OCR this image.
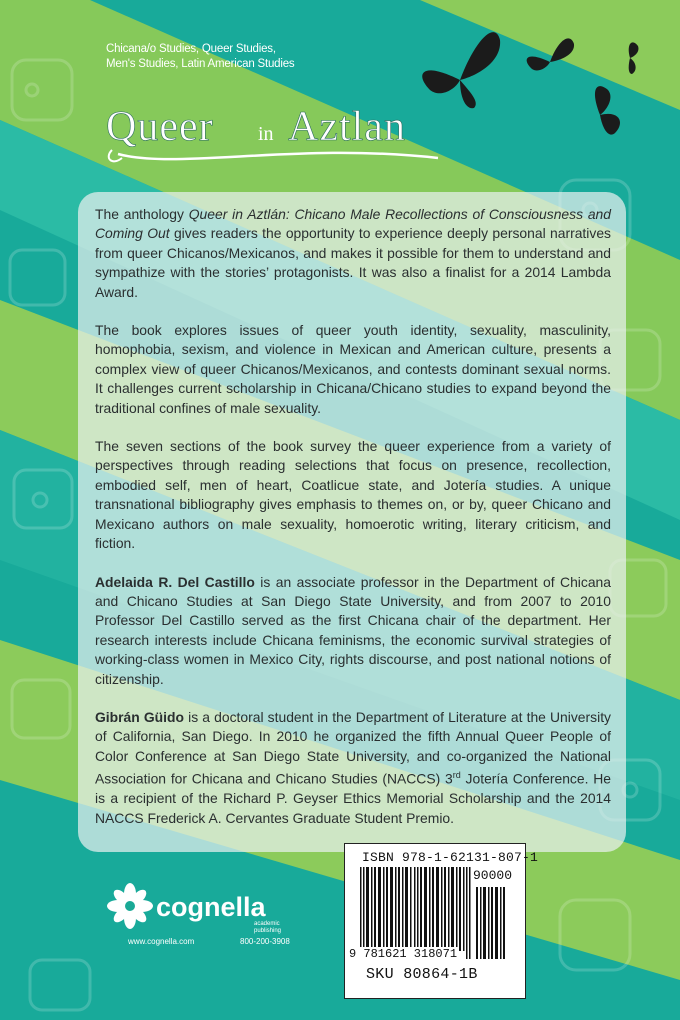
Chicana/o Studies, Queer Studies,
Men's Studies, Latin American Studies
Queer in Aztlan

The anthology Queer in Aztlán: Chicano Male Recollections of Consciousness and Coming Out gives readers the opportunity to experience deeply personal narratives from queer Chicanos/Mexicanos, and makes it possible for them to understand and sympathize with the stories’ protagonists. It was also a finalist for a 2014 Lambda Award.

The book explores issues of queer youth identity, sexuality, masculinity, homophobia, sexism, and violence in Mexican and American culture, presents a complex view of queer Chicanos/Mexicanos, and contests dominant sexual norms. It challenges current scholarship in Chicana/Chicano studies to expand beyond the traditional confines of male sexuality.

The seven sections of the book survey the queer experience from a variety of perspectives through reading selections that focus on presence, recollection, embodied self, men of heart, Coatlicue state, and Jotería studies. A unique transnational bibliography gives emphasis to themes on, or by, queer Chicano and Mexicano authors on male sexuality, homoerotic writing, literary criticism, and fiction.

Adelaida R. Del Castillo is an associate professor in the Department of Chicana and Chicano Studies at San Diego State University, and from 2007 to 2010 Professor Del Castillo served as the first Chicana chair of the department. Her research interests include Chicana feminisms, the economic survival strategies of working-class women in Mexico City, rights discourse, and post national notions of citizenship.

Gibrán Güido is a doctoral student in the Department of Literature at the University of California, San Diego. In 2010 he organized the fifth Annual Queer People of Color Conference at San Diego State University, and co-organized the National Association for Chicana and Chicano Studies (NACCS) 3rd Jotería Conference. He is a recipient of the Richard P. Geyser Ethics Memorial Scholarship and the 2014 NACCS Frederick A. Cervantes Graduate Student Premio.

cognella
academic
publishing
www.cognella.com	800-200-3908
ISBN 978-1-62131-807-1
90000
9 781621 318071
SKU 80864-1B
